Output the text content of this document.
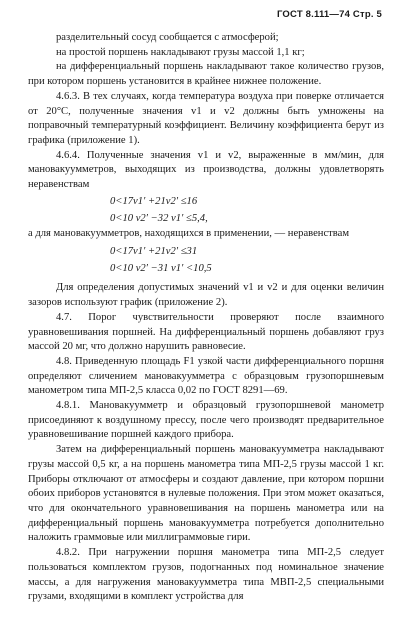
ГОСТ 8.111—74 Стр. 5

разделительный сосуд сообщается с атмосферой;

на простой поршень накладывают грузы массой 1,1 кг;

на дифференциальный поршень накладывают такое количество грузов, при котором поршень установится в крайнее нижнее положение.

4.6.3. В тех случаях, когда температура воздуха при поверке отличается от 20°С, полученные значения v1 и v2 должны быть умножены на поправочный температурный коэффициент. Величину коэффициента берут из графика (приложение 1).

4.6.4. Полученные значения v1 и v2, выраженные в мм/мин, для мановакуумметров, выходящих из производства, должны удовлетворять неравенствам

0<17v1′ +21v2′ ≤16

0<10 v2′ −32 v1′ ≤5,4,

а для мановакуумметров, находящихся в применении, — неравенствам

0<17v1′ +21v2′ ≤31

0<10 v2′ −31 v1′ <10,5

Для определения допустимых значений v1 и v2 и для оценки величин зазоров используют график (приложение 2).

4.7. Порог чувствительности проверяют после взаимного уравновешивания поршней. На дифференциальный поршень добавляют груз массой 20 мг, что должно нарушить равновесие.

4.8. Приведенную площадь F1 узкой части дифференциального поршня определяют сличением мановакуумметра с образцовым грузопоршневым манометром типа МП-2,5 класса 0,02 по ГОСТ 8291—69.

4.8.1. Мановакуумметр и образцовый грузопоршневой манометр присоединяют к воздушному прессу, после чего производят предварительное уравновешивание поршней каждого прибора.

Затем на дифференциальный поршень мановакуумметра накладывают грузы массой 0,5 кг, а на поршень манометра типа МП-2,5 грузы массой 1 кг. Приборы отключают от атмосферы и создают давление, при котором поршни обоих приборов установятся в нулевые положения. При этом может оказаться, что для окончательного уравновешивания на поршень манометра или на дифференциальный поршень мановакуумметра потребуется дополнительно наложить граммовые или миллиграммовые гири.

4.8.2. При нагружении поршня манометра типа МП-2,5 следует пользоваться комплектом грузов, подогнанных под номинальное значение массы, а для нагружения мановакуумметра типа МВП-2,5 специальными грузами, входящими в комплект устройства для
